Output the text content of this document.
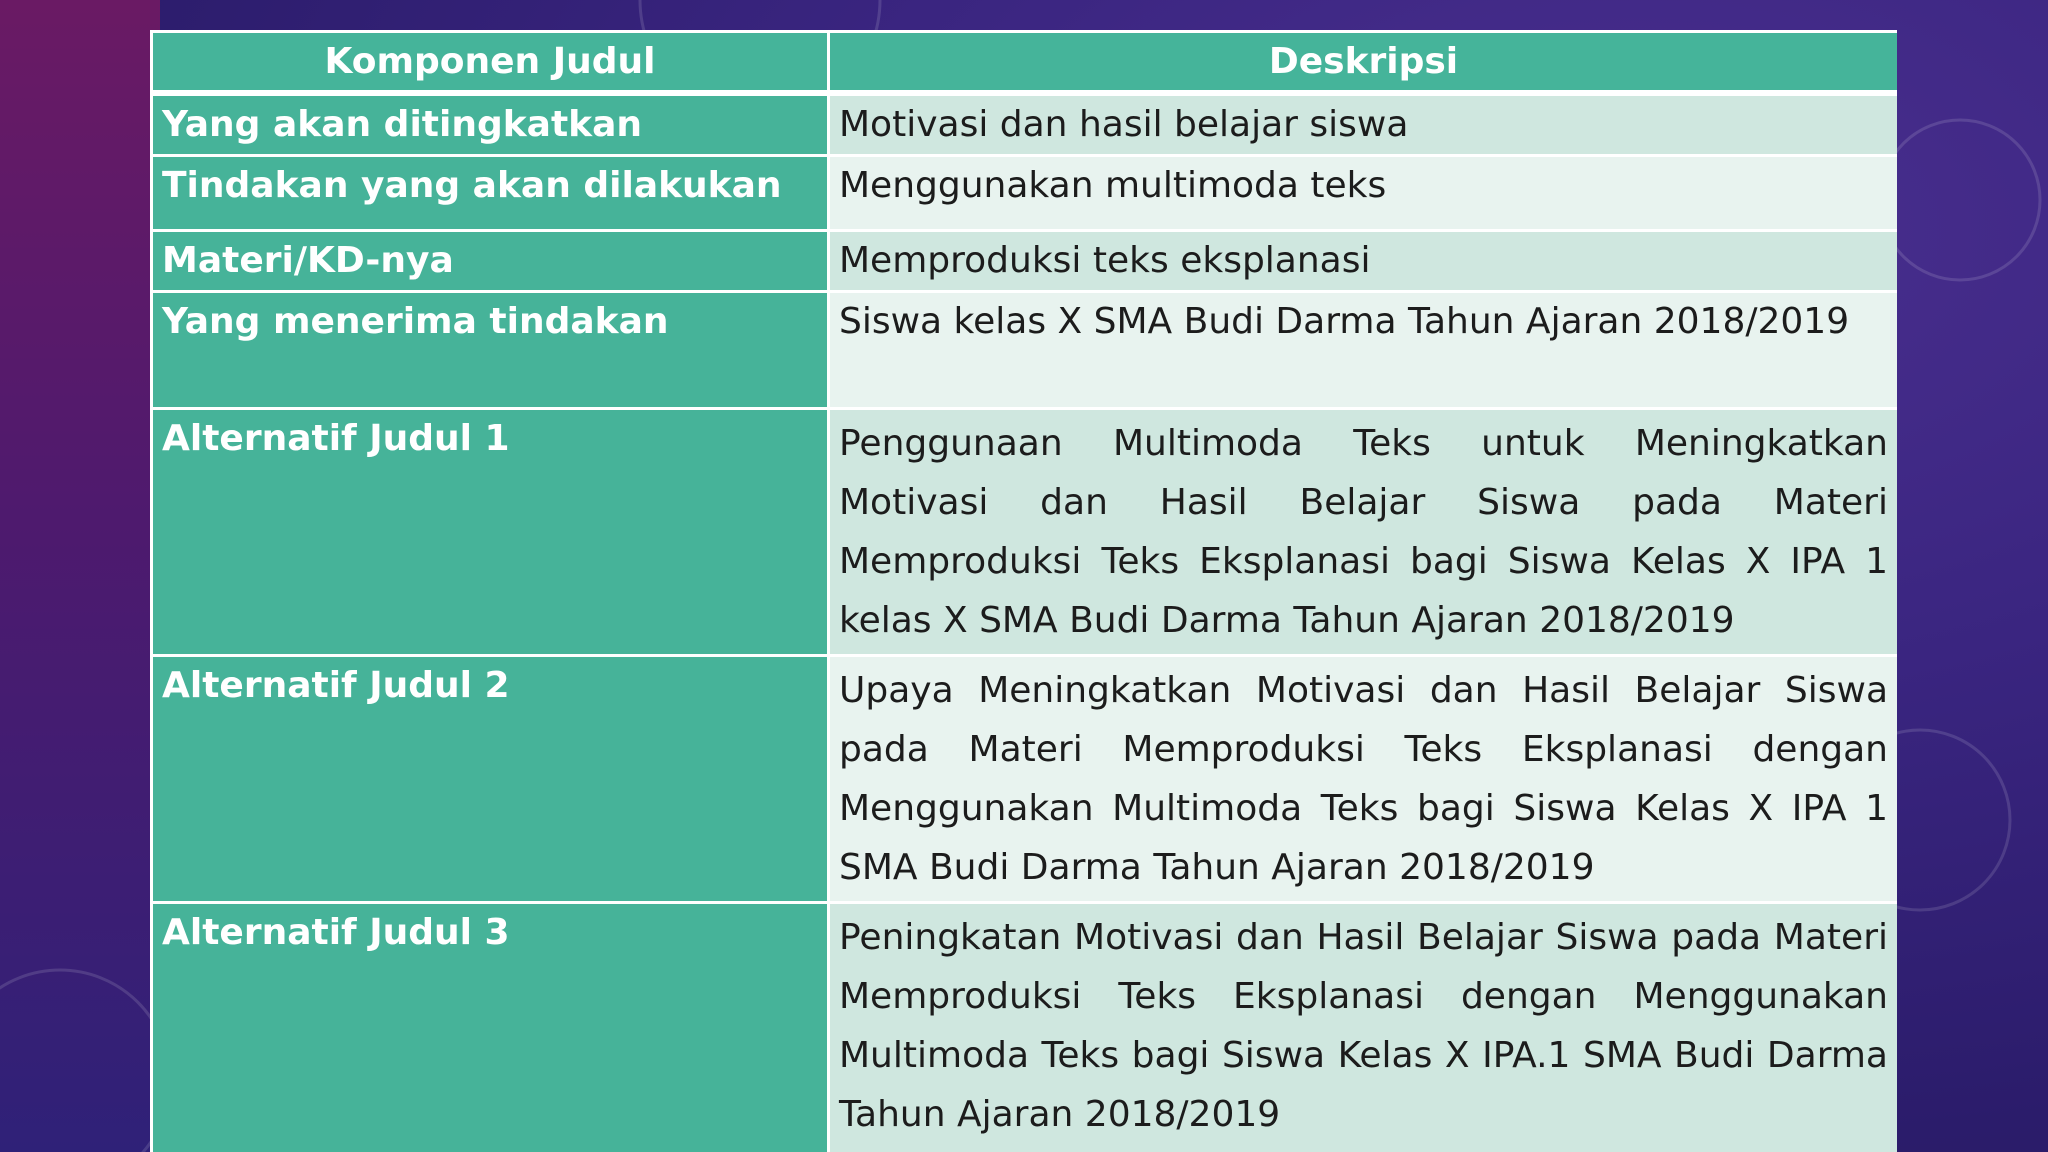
Komponen Judul	Deskripsi
Yang akan ditingkatkan	Motivasi dan hasil belajar siswa
Tindakan yang akan dilakukan	Menggunakan multimoda teks
Materi/KD-nya	Memproduksi teks eksplanasi
Yang menerima tindakan	Siswa kelas X SMA Budi Darma Tahun Ajaran 2018/2019
Alternatif Judul 1	Penggunaan Multimoda Teks untuk Meningkatkan Motivasi dan Hasil Belajar Siswa pada Materi Memproduksi Teks Eksplanasi bagi Siswa Kelas X IPA 1 kelas X SMA Budi Darma Tahun Ajaran 2018/2019
Alternatif Judul 2	Upaya Meningkatkan Motivasi dan Hasil Belajar Siswa pada Materi Memproduksi Teks Eksplanasi dengan Menggunakan Multimoda Teks bagi Siswa Kelas X IPA 1 SMA Budi Darma Tahun Ajaran 2018/2019
Alternatif Judul 3	Peningkatan Motivasi dan Hasil Belajar Siswa pada Materi Memproduksi Teks Eksplanasi dengan Menggunakan Multimoda Teks bagi Siswa Kelas X IPA.1 SMA Budi Darma Tahun Ajaran 2018/2019
